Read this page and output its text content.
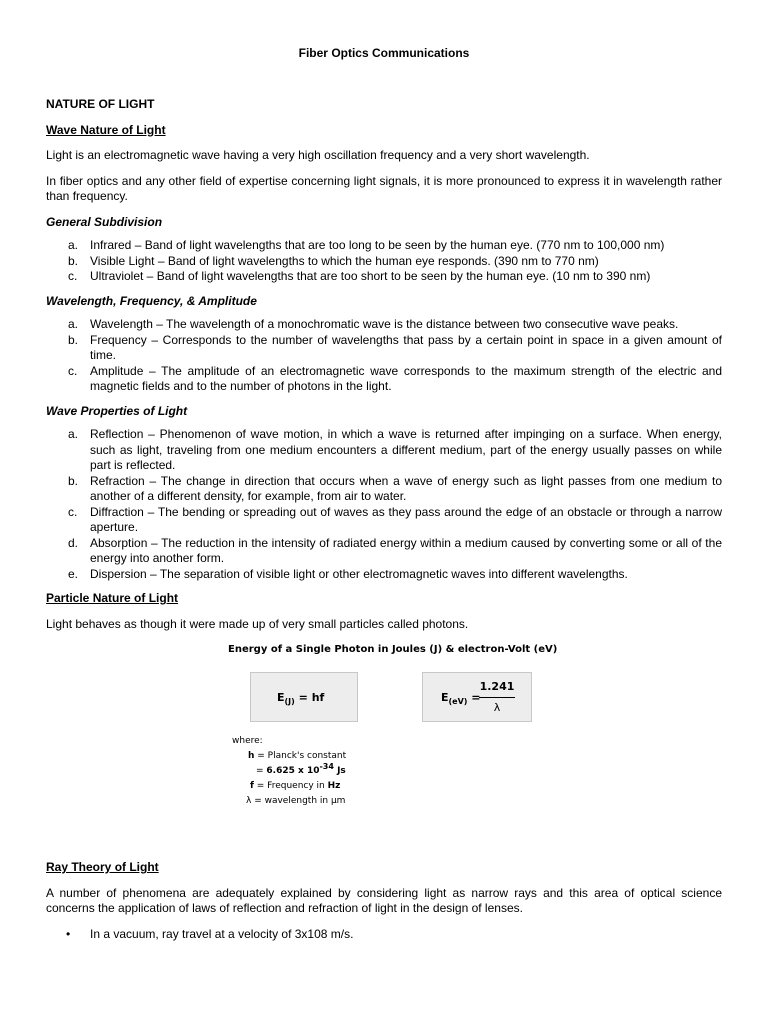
Fiber Optics Communications
NATURE OF LIGHT
Wave Nature of Light

Light is an electromagnetic wave having a very high oscillation frequency and a very short wavelength.

In fiber optics and any other field of expertise concerning light signals, it is more pronounced to express it in wavelength rather than frequency.

General Subdivision
a. Infrared – Band of light wavelengths that are too long to be seen by the human eye. (770 nm to 100,000 nm)
b. Visible Light – Band of light wavelengths to which the human eye responds. (390 nm to 770 nm)
c. Ultraviolet – Band of light wavelengths that are too short to be seen by the human eye. (10 nm to 390 nm)
Wavelength, Frequency, & Amplitude
a. Wavelength – The wavelength of a monochromatic wave is the distance between two consecutive wave peaks.
b. Frequency – Corresponds to the number of wavelengths that pass by a certain point in space in a given amount of time.
c. Amplitude – The amplitude of an electromagnetic wave corresponds to the maximum strength of the electric and magnetic fields and to the number of photons in the light.
Wave Properties of Light
a. Reflection – Phenomenon of wave motion, in which a wave is returned after impinging on a surface. When energy, such as light, traveling from one medium encounters a different medium, part of the energy usually passes on while part is reflected.
b. Refraction – The change in direction that occurs when a wave of energy such as light passes from one medium to another of a different density, for example, from air to water.
c. Diffraction – The bending or spreading out of waves as they pass around the edge of an obstacle or through a narrow aperture.
d. Absorption – The reduction in the intensity of radiated energy within a medium caused by converting some or all of the energy into another form.
e. Dispersion – The separation of visible light or other electromagnetic waves into different wavelengths.
Particle Nature of Light

Light behaves as though it were made up of very small particles called photons.

Energy of a Single Photon in Joules (J) & electron-Volt (eV)
$E_{(J)}$ = hf	$E_{(eV)}$ =
$\frac{1.241}{\lambda}$
where:
h = Planck's constant
= 6.625 x $10^{-34}$ Js
f = Frequency in Hz
λ = wavelength in μm
Ray Theory of Light

A number of phenomena are adequately explained by considering light as narrow rays and this area of optical science concerns the application of laws of reflection and refraction of light in the design of lenses.

• In a vacuum, ray travel at a velocity of 3x108 m/s.
